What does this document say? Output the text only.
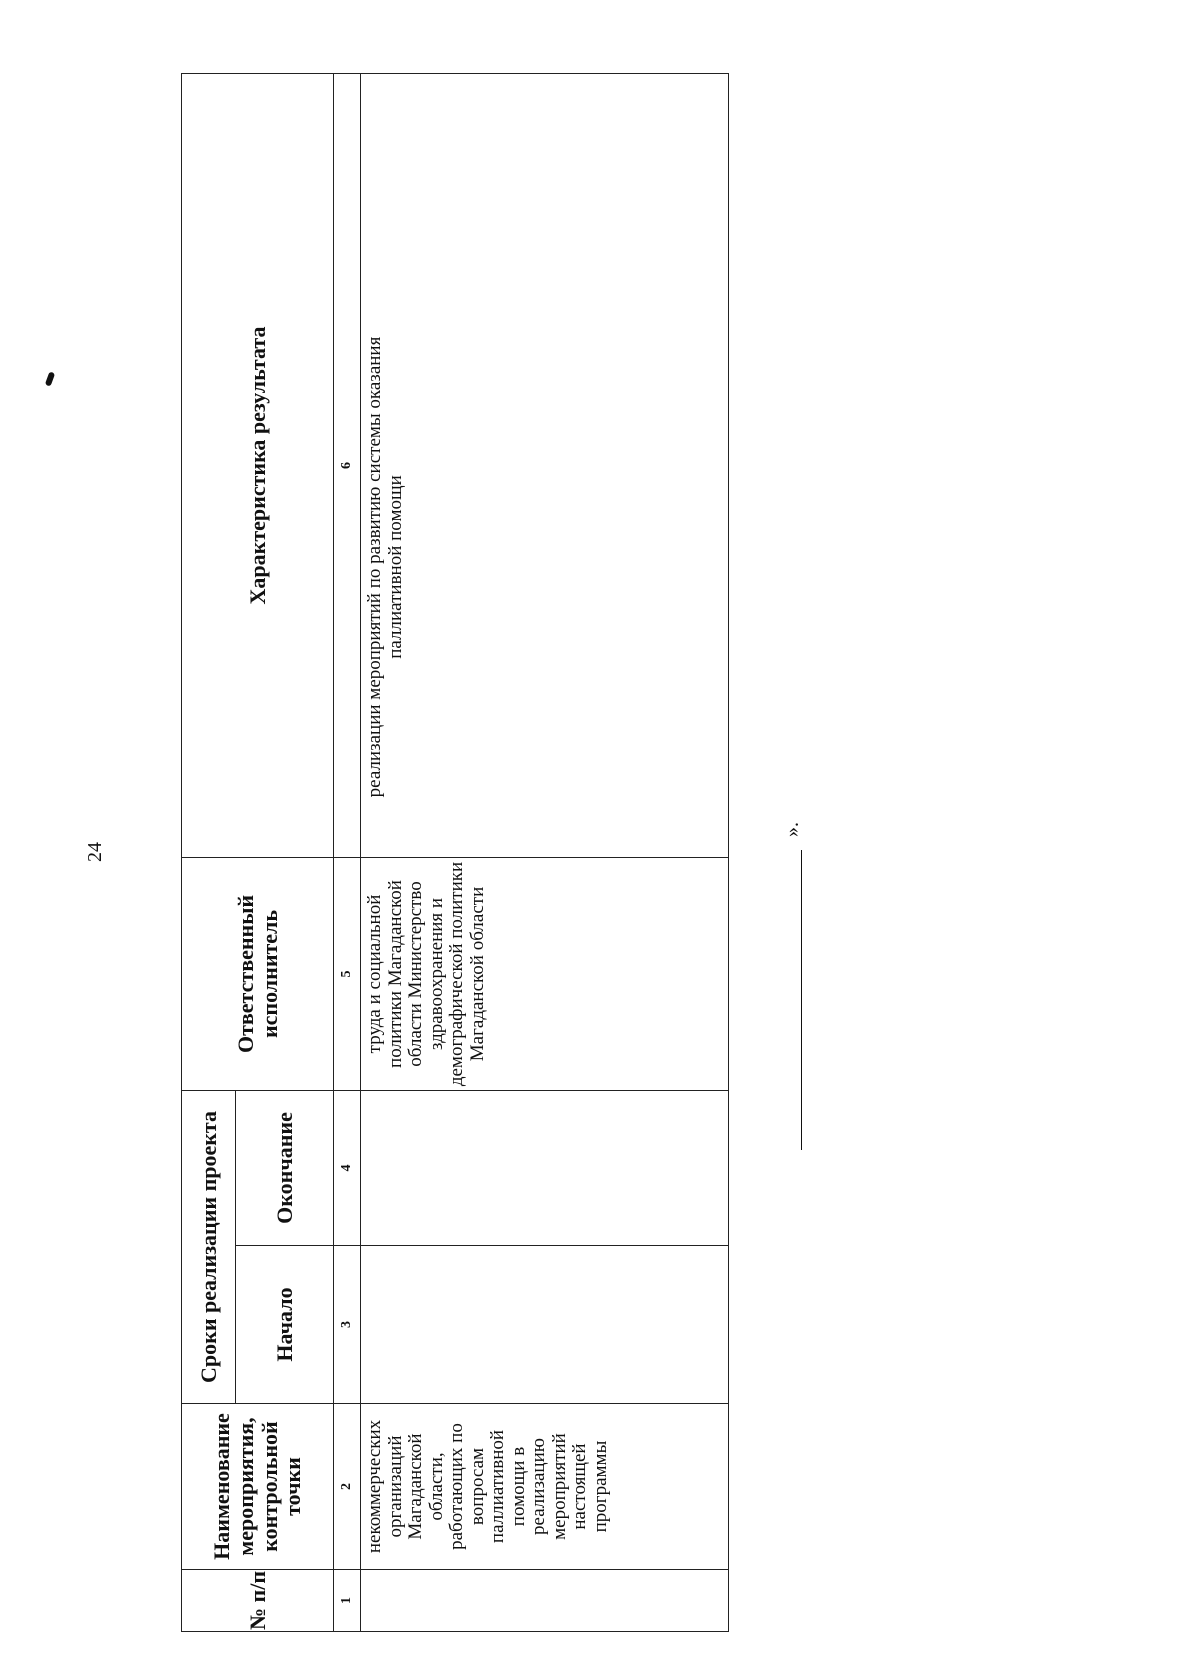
24
№ п/п	Наименование мероприятия, контрольной точки	Сроки реализации проекта		Ответственный исполнитель	Характеристика результата
		Начало	Окончание		
1	2	3	4	5	6
	некоммерческих организаций Магаданской области, работающих по вопросам паллиативной помощи в реализацию мероприятий настоящей программы			труда и социальной политики Магаданской области Министерство здравоохранения и демографической политики Магаданской области	реализации мероприятий по развитию системы оказания паллиативной помощи
».
